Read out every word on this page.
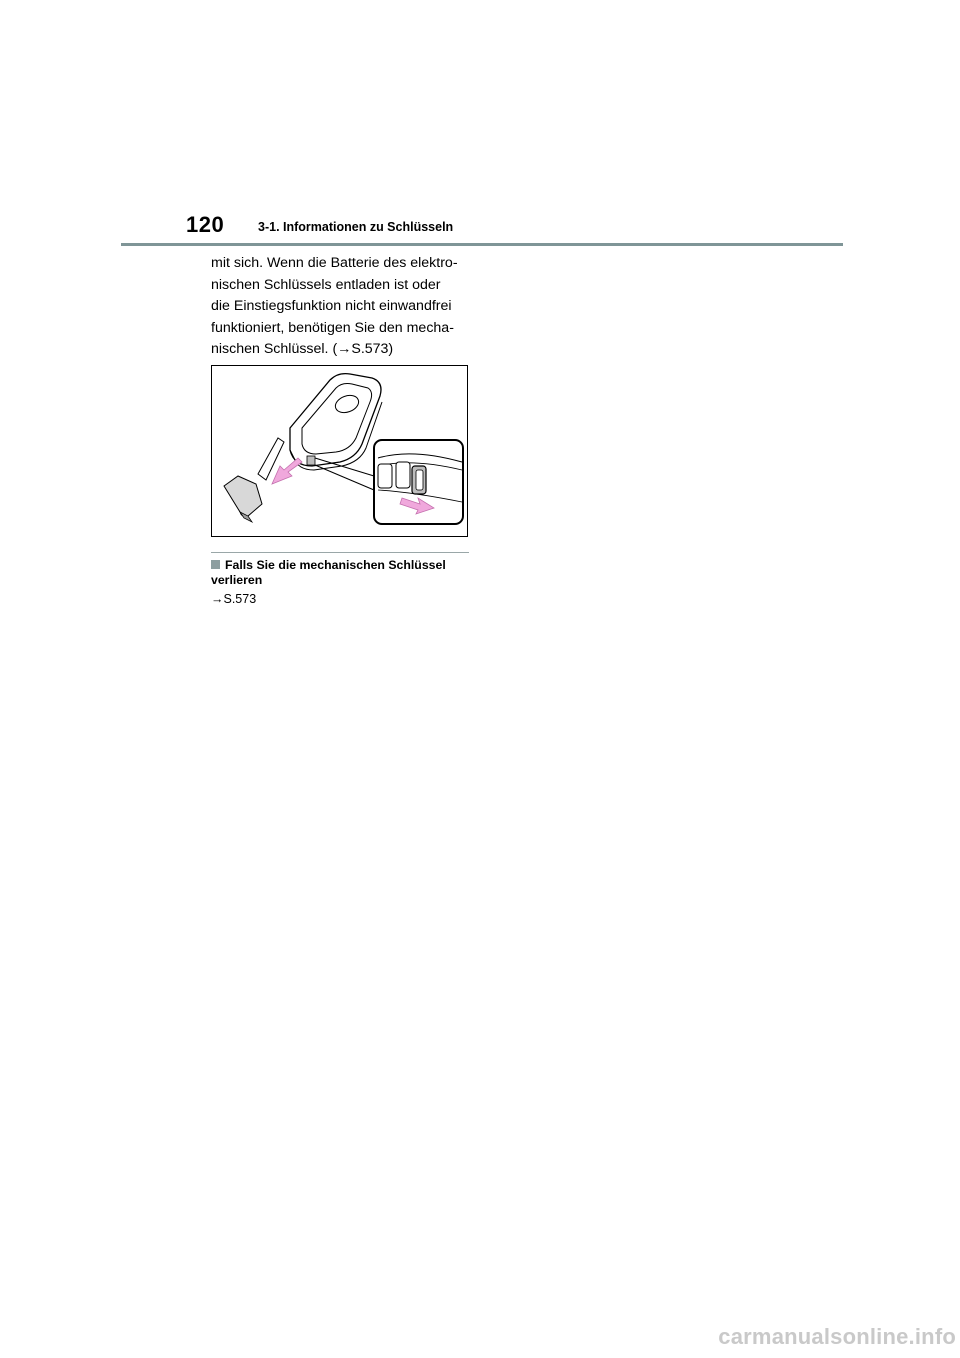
120	3-1. Informationen zu Schlüsseln
mit sich. Wenn die Batterie des elektro-
nischen Schlüssels entladen ist oder
die Einstiegsfunktion nicht einwandfrei
funktioniert, benötigen Sie den mecha-
nischen Schlüssel. (→S.573)
Falls Sie die mechanischen Schlüssel
verlieren
→S.573
carmanualsonline.info
